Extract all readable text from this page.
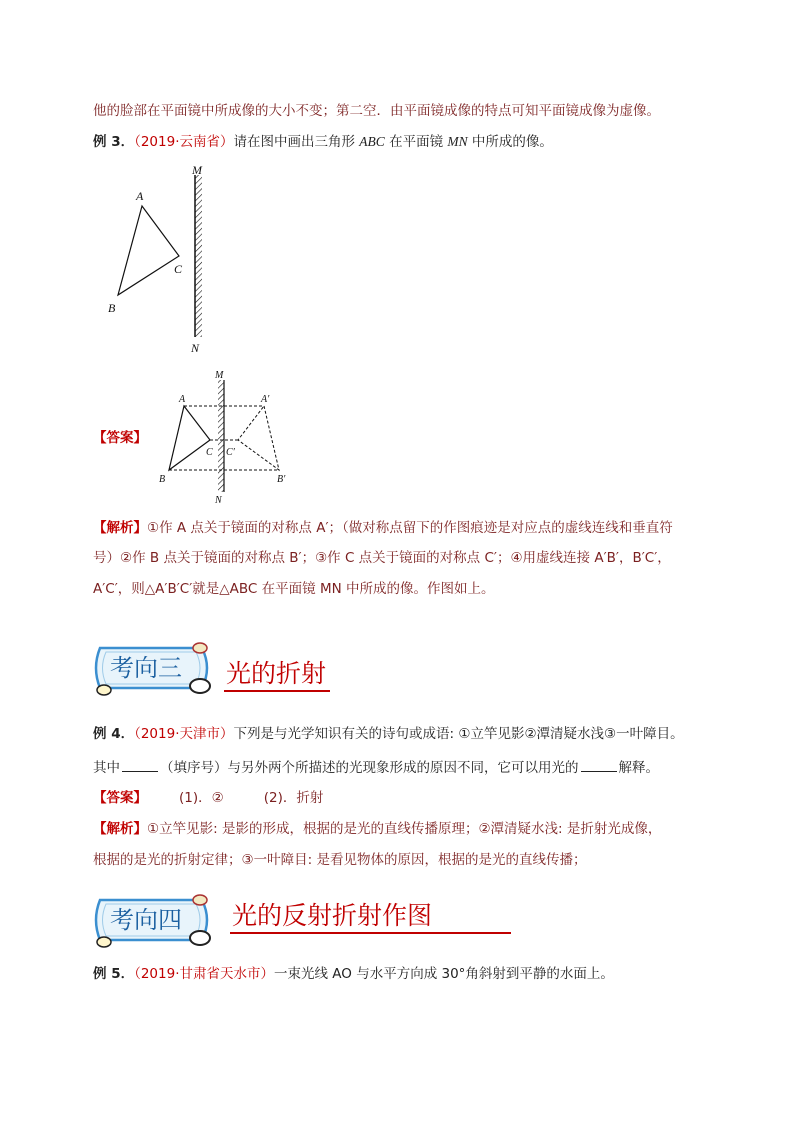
他的脸部在平面镜中所成像的大小不变；第二空．由平面镜成像的特点可知平面镜成像为虚像。
例 3．（2019·云南省）请在图中画出三角形 ABC 在平面镜 MN 中所成的像。
M
N
A
B
C
【答案】
M
N
A
B
C
A′
B′
C′
【解析】①作 A 点关于镜面的对称点 A′；（做对称点留下的作图痕迹是对应点的虚线连线和垂直符
号）②作 B 点关于镜面的对称点 B′；③作 C 点关于镜面的对称点 C′；④用虚线连接 A′B′，B′C′，
A′C′，则△A′B′C′就是△ABC 在平面镜 MN 中所成的像。作图如上。
考向三 光的折射
例 4．（2019·天津市）下列是与光学知识有关的诗句或成语: ①立竿见影②潭清疑水浅③一叶障目。
其中	（填序号）与另外两个所描述的光现象形成的原因不同，它可以用光的	解释。
【答案】 (1)．②	(2)．折射
【解析】①立竿见影: 是影的形成，根据的是光的直线传播原理；②潭清疑水浅: 是折射光成像，
根据的是光的折射定律；③一叶障目: 是看见物体的原因，根据的是光的直线传播；
考向四 光的反射折射作图
例 5．（2019·甘肃省天水市）一束光线 AO 与水平方向成 30°角斜射到平静的水面上。
